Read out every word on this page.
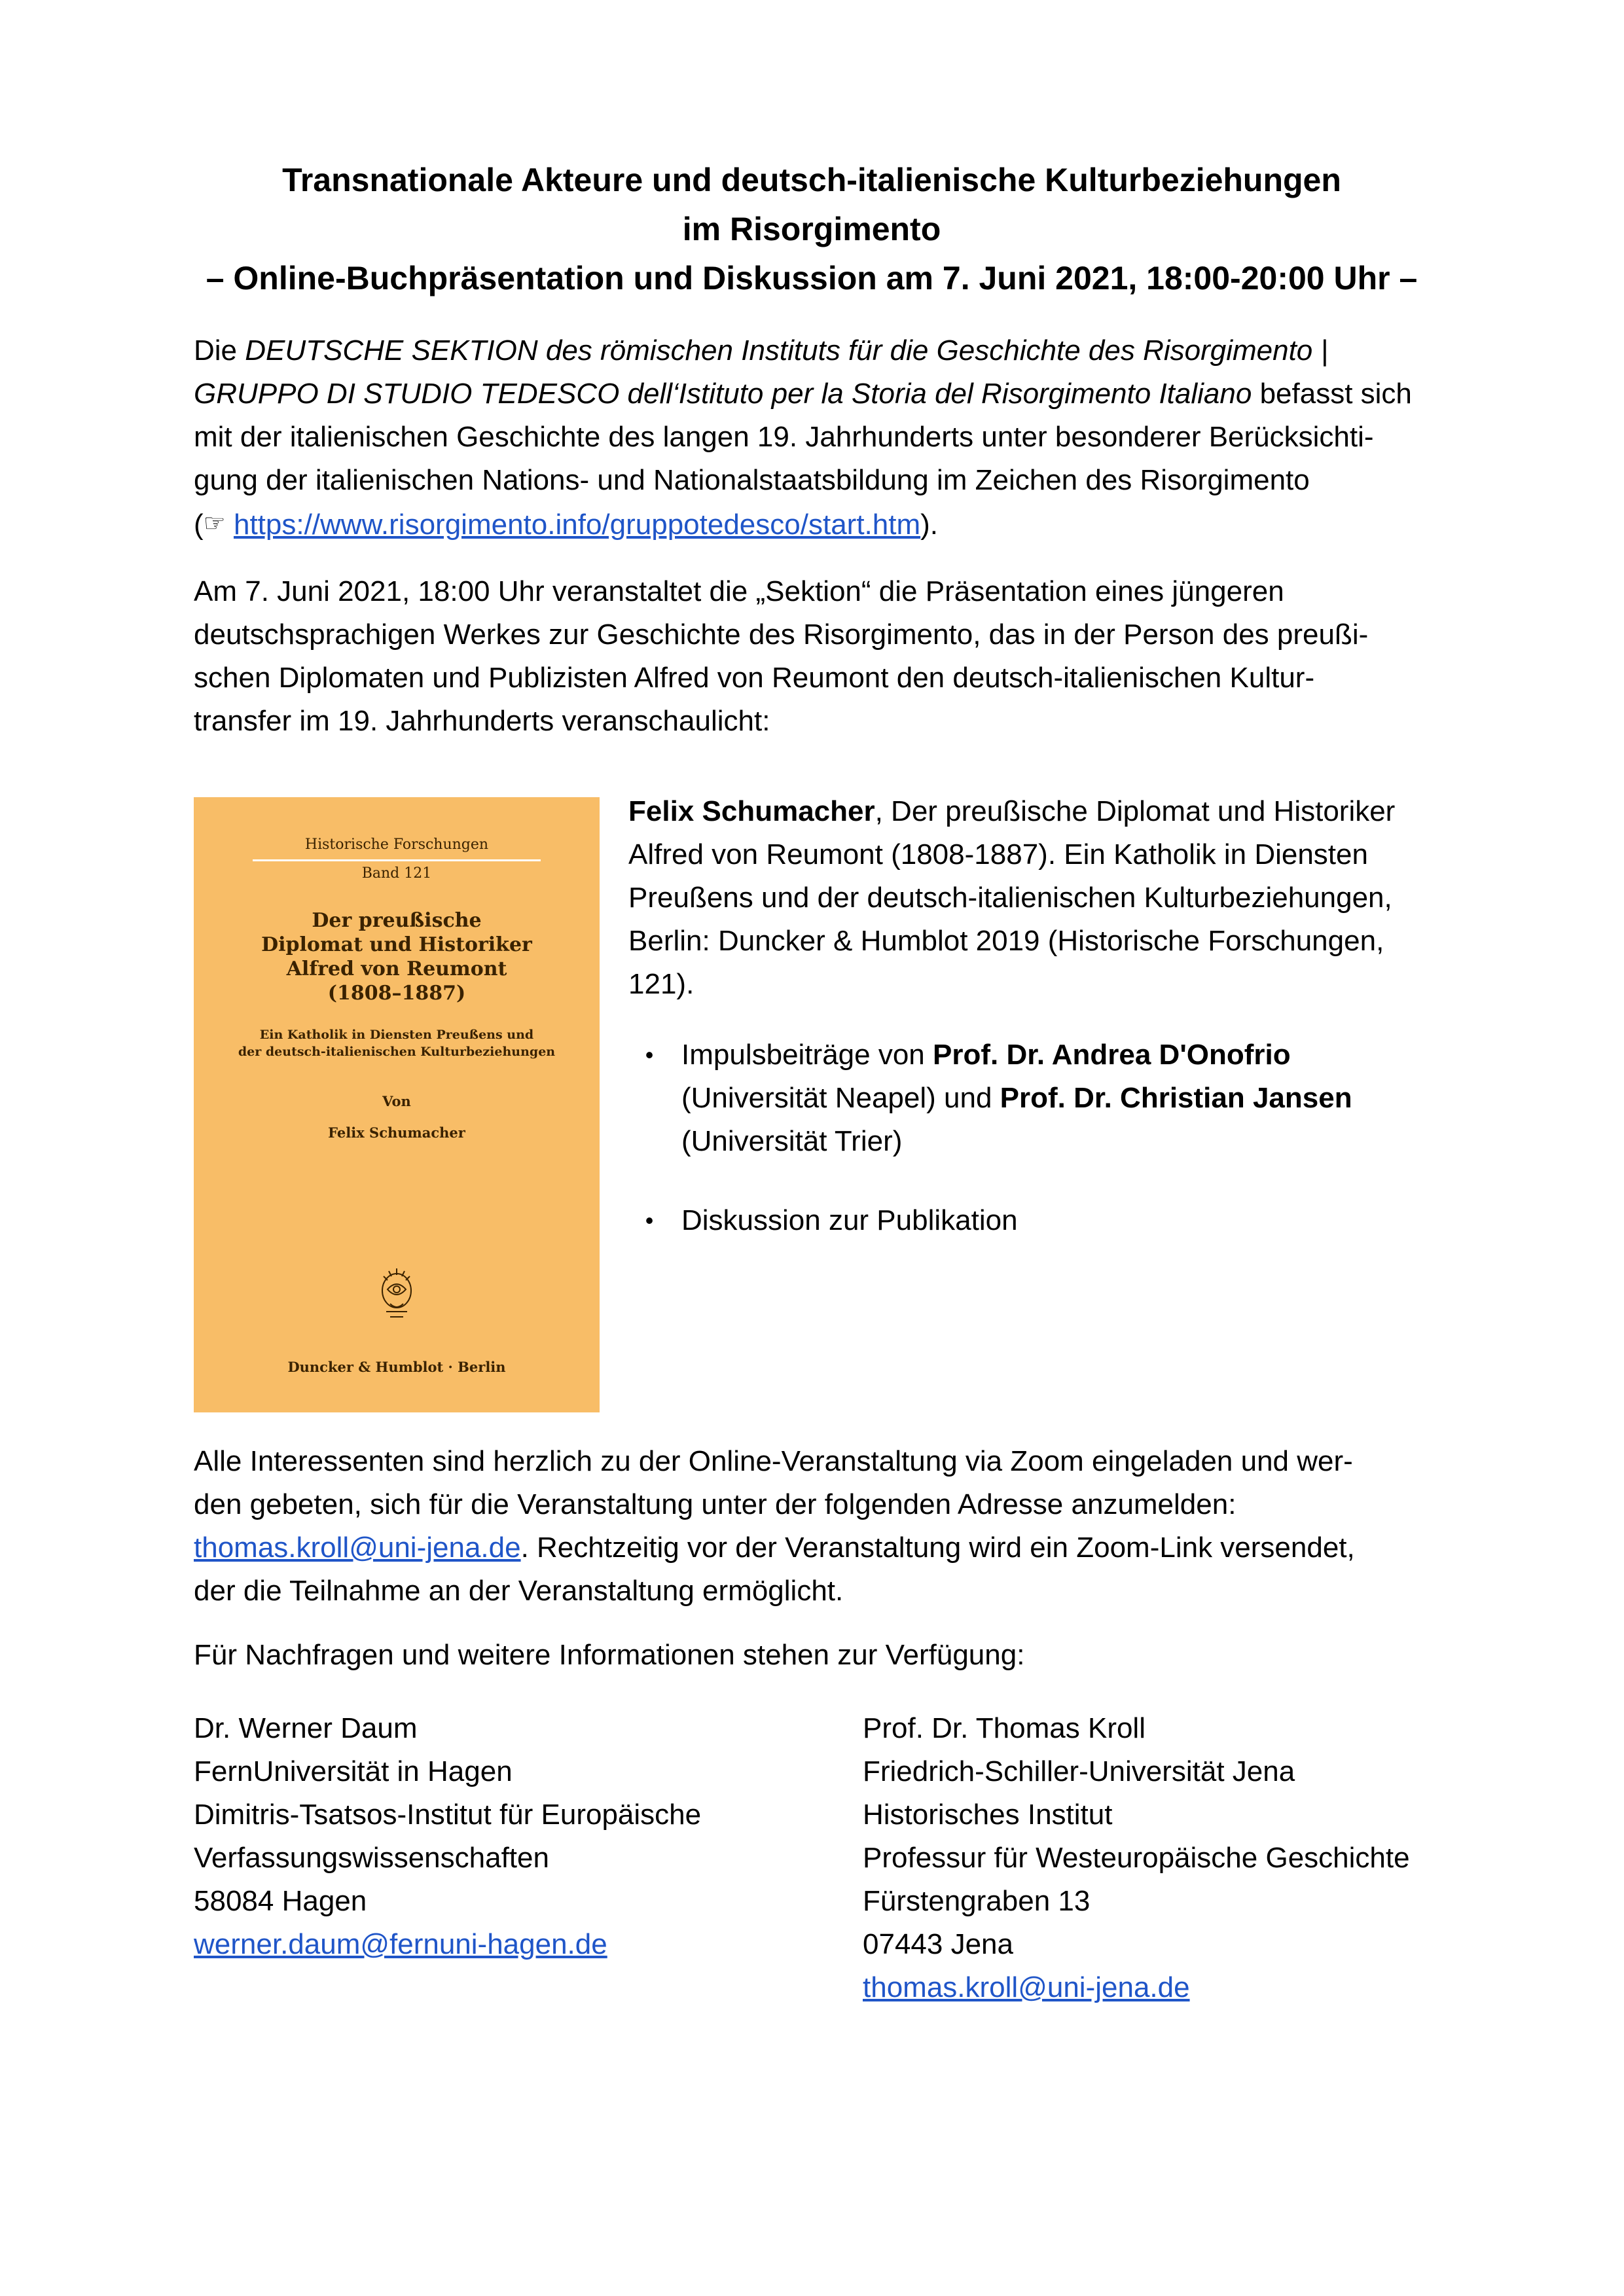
Transnationale Akteure und deutsch-italienische Kulturbeziehungen
im Risorgimento
– Online-Buchpräsentation und Diskussion am 7. Juni 2021, 18:00-20:00 Uhr –
Die DEUTSCHE SEKTION des römischen Instituts für die Geschichte des Risorgimento |
GRUPPO DI STUDIO TEDESCO dell‘Istituto per la Storia del Risorgimento Italiano befasst sich
mit der italienischen Geschichte des langen 19. Jahrhunderts unter besonderer Berücksichti-
gung der italienischen Nations- und Nationalstaatsbildung im Zeichen des Risorgimento
(☞ https://www.risorgimento.info/gruppotedesco/start.htm).
Am 7. Juni 2021, 18:00 Uhr veranstaltet die „Sektion“ die Präsentation eines jüngeren
deutschsprachigen Werkes zur Geschichte des Risorgimento, das in der Person des preußi-
schen Diplomaten und Publizisten Alfred von Reumont den deutsch-italienischen Kultur-
transfer im 19. Jahrhunderts veranschaulicht:
Historische Forschungen
Band 121
Der preußische
Diplomat und Historiker
Alfred von Reumont
(1808–1887)
Ein Katholik in Diensten Preußens und
der deutsch-italienischen Kulturbeziehungen
Von
Felix Schumacher
Duncker & Humblot · Berlin
Felix Schumacher, Der preußische Diplomat und Historiker
Alfred von Reumont (1808-1887). Ein Katholik in Diensten
Preußens und der deutsch-italienischen Kulturbeziehungen,
Berlin: Duncker & Humblot 2019 (Historische Forschungen,
121).
• Impulsbeiträge von Prof. Dr. Andrea D'Onofrio
(Universität Neapel) und Prof. Dr. Christian Jansen
(Universität Trier)
• Diskussion zur Publikation
Alle Interessenten sind herzlich zu der Online-Veranstaltung via Zoom eingeladen und wer-
den gebeten, sich für die Veranstaltung unter der folgenden Adresse anzumelden:
thomas.kroll@uni-jena.de. Rechtzeitig vor der Veranstaltung wird ein Zoom-Link versendet,
der die Teilnahme an der Veranstaltung ermöglicht.
Für Nachfragen und weitere Informationen stehen zur Verfügung:
Dr. Werner Daum
FernUniversität in Hagen
Dimitris-Tsatsos-Institut für Europäische
Verfassungswissenschaften
58084 Hagen
werner.daum@fernuni-hagen.de
Prof. Dr. Thomas Kroll
Friedrich-Schiller-Universität Jena
Historisches Institut
Professur für Westeuropäische Geschichte
Fürstengraben 13
07443 Jena
thomas.kroll@uni-jena.de
